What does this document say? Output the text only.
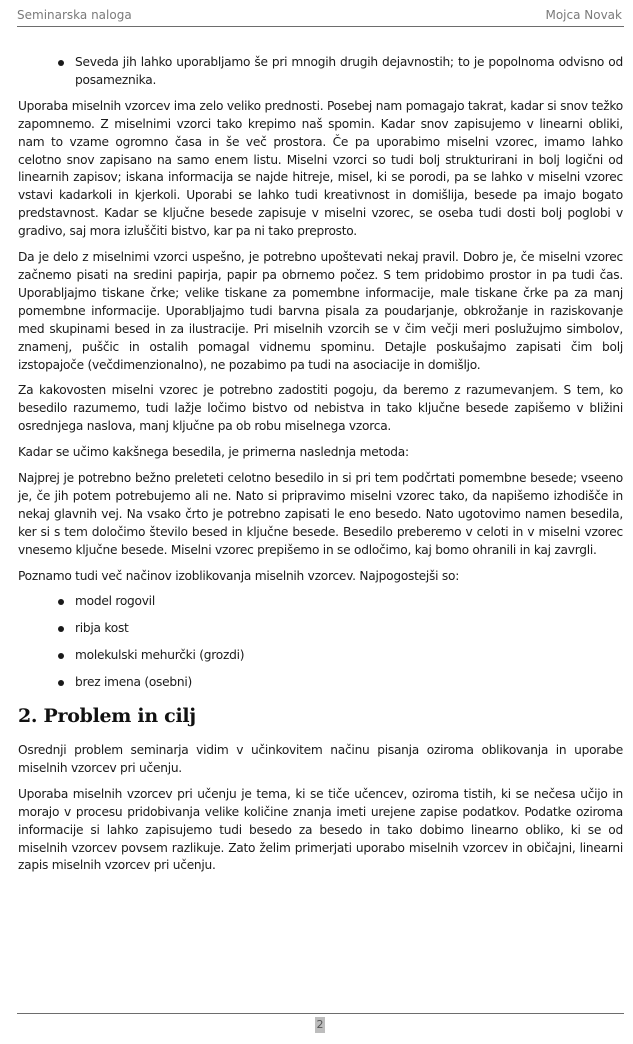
Seminarska naloga	Mojca Novak
Seveda jih lahko uporabljamo še pri mnogih drugih dejavnostih; to je popolnoma odvisno od posameznika.

Uporaba miselnih vzorcev ima zelo veliko prednosti. Posebej nam pomagajo takrat, kadar si snov težko zapomnemo. Z miselnimi vzorci tako krepimo naš spomin. Kadar snov zapisujemo v linearni obliki, nam to vzame ogromno časa in še več prostora. Če pa uporabimo miselni vzorec, imamo lahko celotno snov zapisano na samo enem listu. Miselni vzorci so tudi bolj strukturirani in bolj logični od linearnih zapisov; iskana informacija se najde hitreje, misel, ki se porodi, pa se lahko v miselni vzorec vstavi kadarkoli in kjerkoli. Uporabi se lahko tudi kreativnost in domišlija, besede pa imajo bogato predstavnost. Kadar se ključne besede zapisuje v miselni vzorec, se oseba tudi dosti bolj poglobi v gradivo, saj mora izluščiti bistvo, kar pa ni tako preprosto.

Da je delo z miselnimi vzorci uspešno, je potrebno upoštevati nekaj pravil. Dobro je, če miselni vzorec začnemo pisati na sredini papirja, papir pa obrnemo počez. S tem pridobimo prostor in pa tudi čas. Uporabljajmo tiskane črke; velike tiskane za pomembne informacije, male tiskane črke pa za manj pomembne informacije. Uporabljajmo tudi barvna pisala za poudarjanje, obkrožanje in raziskovanje med skupinami besed in za ilustracije. Pri miselnih vzorcih se v čim večji meri poslužujmo simbolov, znamenj, puščic in ostalih pomagal vidnemu spominu. Detajle poskušajmo zapisati čim bolj izstopajoče (večdimenzionalno), ne pozabimo pa tudi na asociacije in domišljo.

Za kakovosten miselni vzorec je potrebno zadostiti pogoju, da beremo z razumevanjem. S tem, ko besedilo razumemo, tudi lažje ločimo bistvo od nebistva in tako ključne besede zapišemo v bližini osrednjega naslova, manj ključne pa ob robu miselnega vzorca.

Kadar se učimo kakšnega besedila, je primerna naslednja metoda:

Najprej je potrebno bežno preleteti celotno besedilo in si pri tem podčrtati pomembne besede; vseeno je, če jih potem potrebujemo ali ne. Nato si pripravimo miselni vzorec tako, da napišemo izhodišče in nekaj glavnih vej. Na vsako črto je potrebno zapisati le eno besedo. Nato ugotovimo namen besedila, ker si s tem določimo število besed in ključne besede. Besedilo preberemo v celoti in v miselni vzorec vnesemo ključne besede. Miselni vzorec prepišemo in se odločimo, kaj bomo ohranili in kaj zavrgli.

Poznamo tudi več načinov izoblikovanja miselnih vzorcev. Najpogostejši so:

model rogovil
ribja kost
molekulski mehurčki (grozdi)
brez imena (osebni)
2. Problem in cilj

Osrednji problem seminarja vidim v učinkovitem načinu pisanja oziroma oblikovanja in uporabe miselnih vzorcev pri učenju.

Uporaba miselnih vzorcev pri učenju je tema, ki se tiče učencev, oziroma tistih, ki se nečesa učijo in morajo v procesu pridobivanja velike količine znanja imeti urejene zapise podatkov. Podatke oziroma informacije si lahko zapisujemo tudi besedo za besedo in tako dobimo linearno obliko, ki se od miselnih vzorcev povsem razlikuje. Zato želim primerjati uporabo miselnih vzorcev in običajni, linearni zapis miselnih vzorcev pri učenju.

2
